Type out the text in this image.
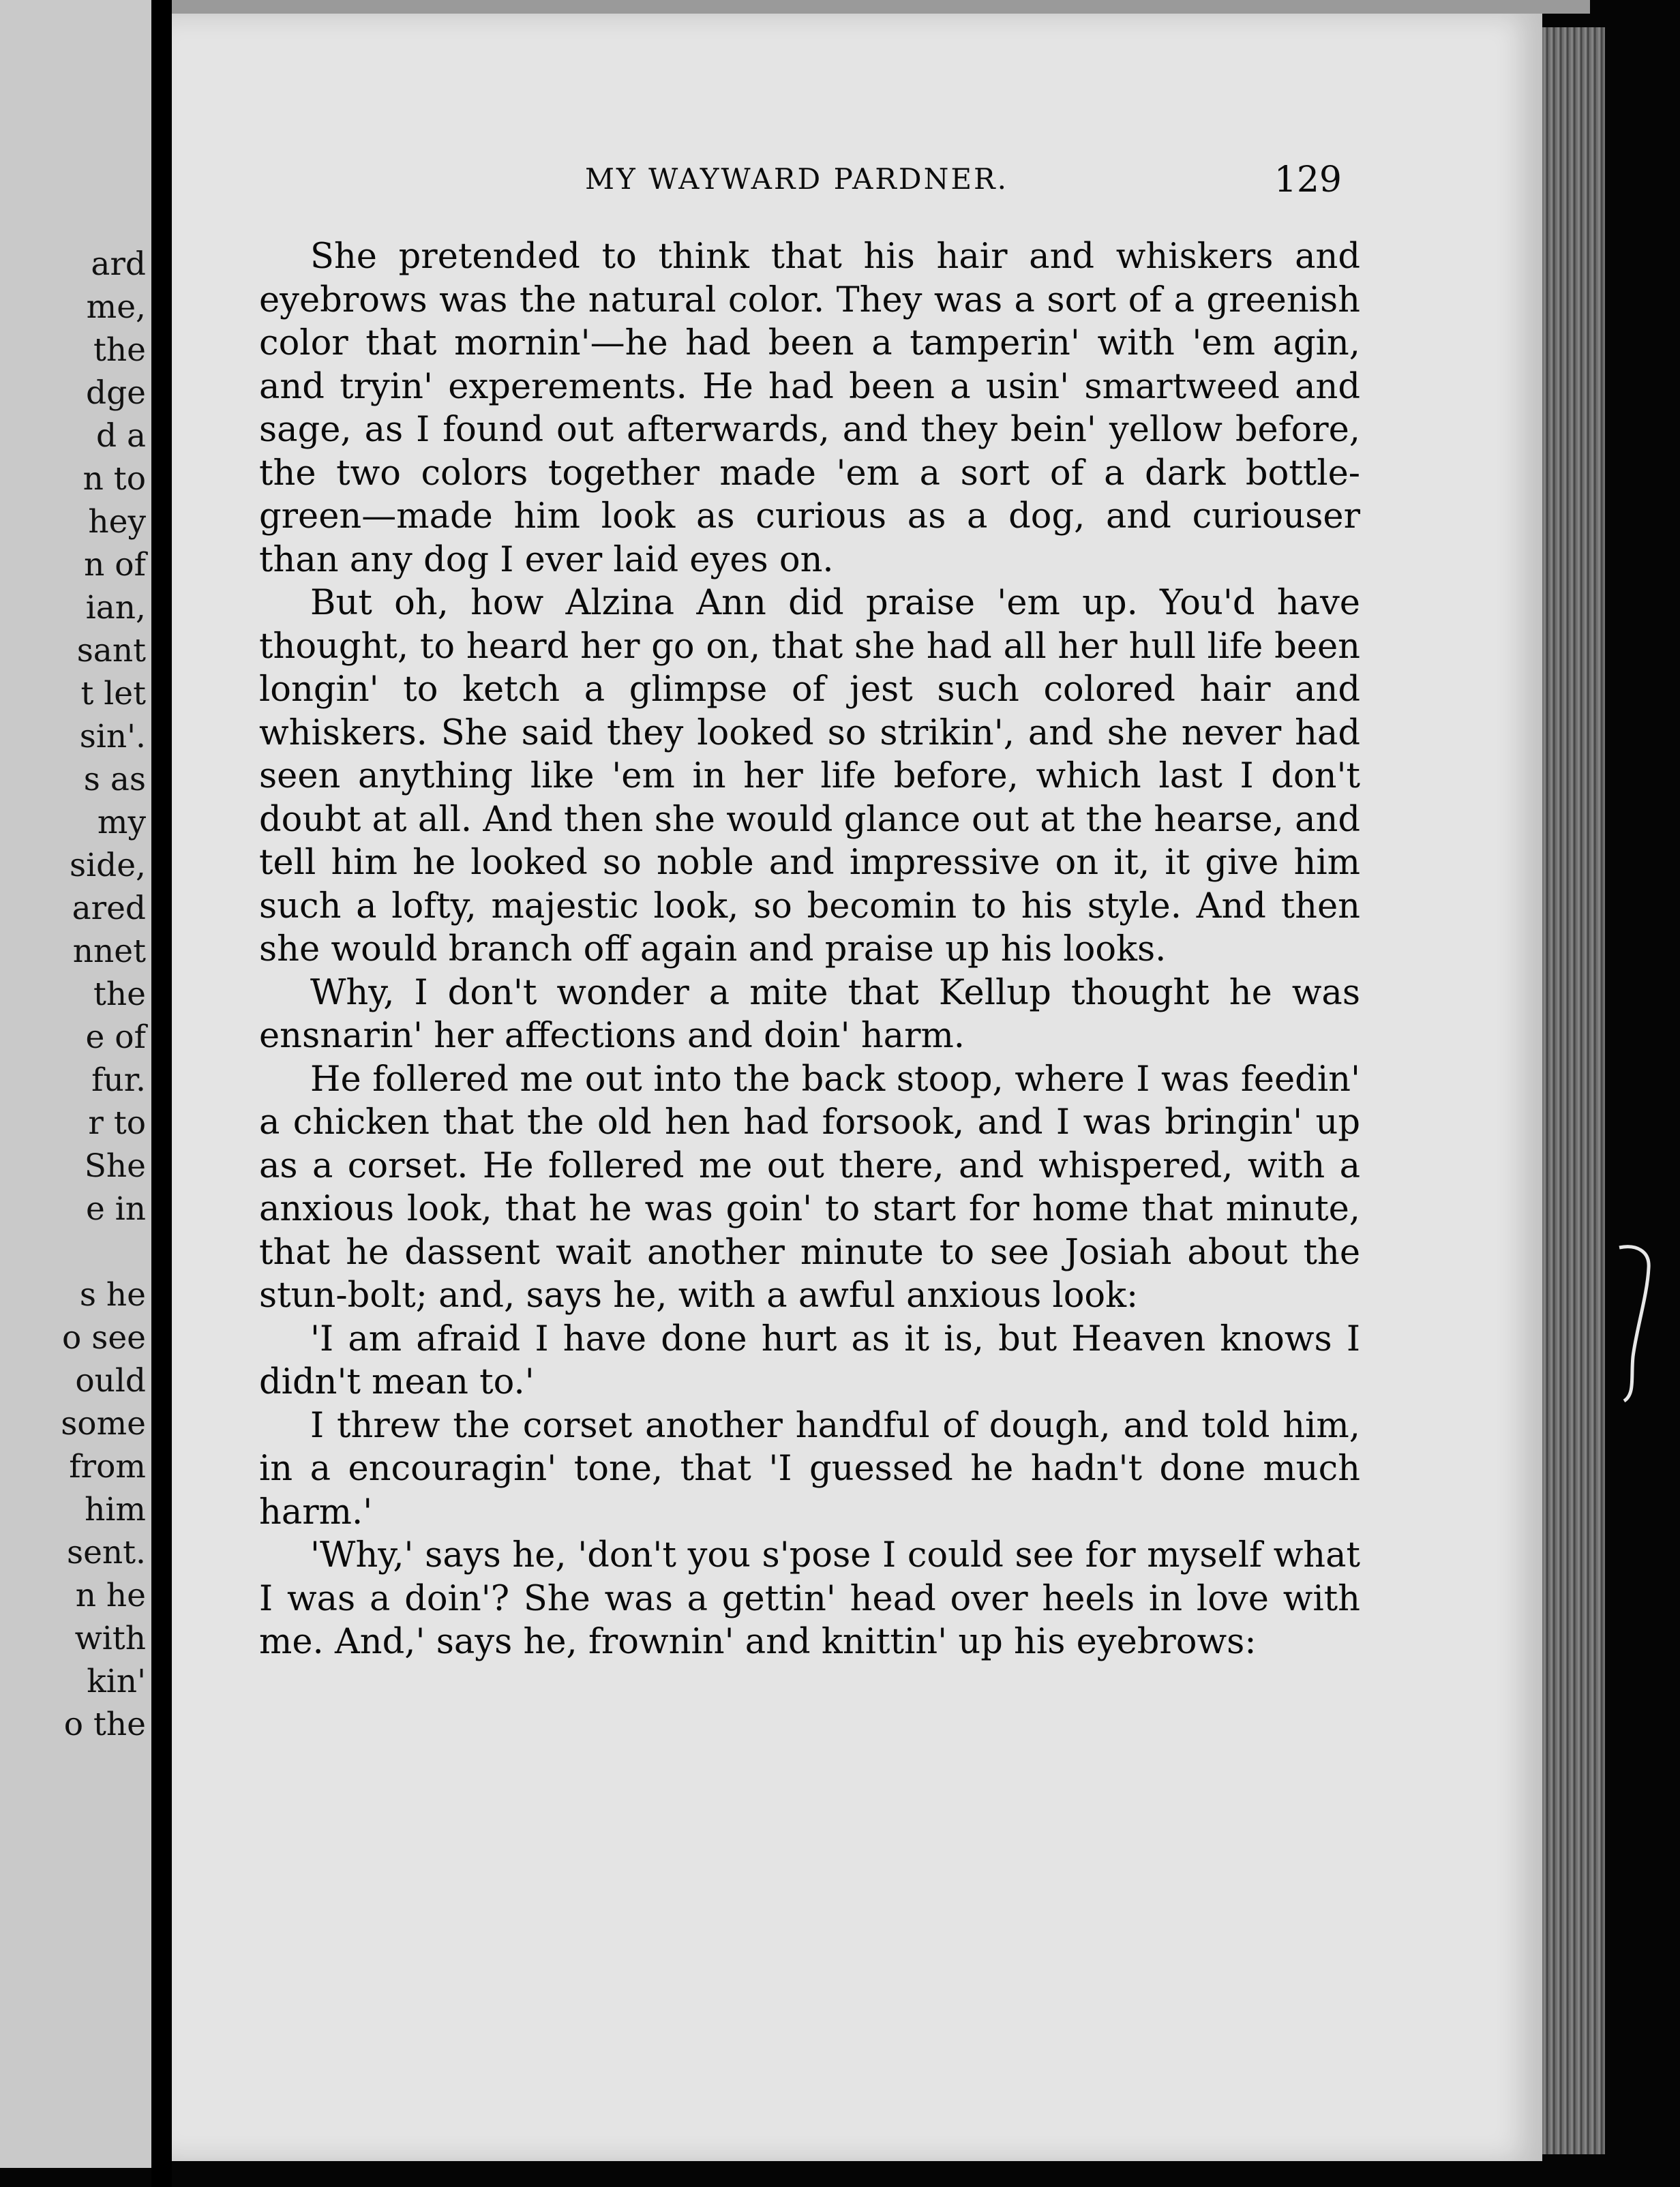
ard
me,
the
dge
d a
n to
hey
n of
ian,
sant
t let
sin'.
s as
my
side,
ared
nnet
the
e of
fur.
r to
She
e in
s he
o see
ould
some
from
him
sent.
n he
with
kin'
o the
MY WAYWARD PARDNER.	129

She pretended to think that his hair and whiskers and eyebrows was the natural color. They was a sort of a greenish color that mornin'—he had been a tamperin' with 'em agin, and tryin' experements. He had been a usin' smartweed and sage, as I found out afterwards, and they bein' yellow before, the two colors together made 'em a sort of a dark bottle-green—made him look as curious as a dog, and curiouser than any dog I ever laid eyes on.

But oh, how Alzina Ann did praise 'em up. You'd have thought, to heard her go on, that she had all her hull life been longin' to ketch a glimpse of jest such colored hair and whiskers. She said they looked so strikin', and she never had seen anything like 'em in her life before, which last I don't doubt at all. And then she would glance out at the hearse, and tell him he looked so noble and impressive on it, it give him such a lofty, majestic look, so becomin to his style. And then she would branch off again and praise up his looks.

Why, I don't wonder a mite that Kellup thought he was ensnarin' her affections and doin' harm.

He follered me out into the back stoop, where I was feedin' a chicken that the old hen had forsook, and I was bringin' up as a corset. He follered me out there, and whispered, with a anxious look, that he was goin' to start for home that minute, that he dassent wait another minute to see Josiah about the stun-bolt; and, says he, with a awful anxious look:

'I am afraid I have done hurt as it is, but Heaven knows I didn't mean to.'

I threw the corset another handful of dough, and told him, in a encouragin' tone, that 'I guessed he hadn't done much harm.'

'Why,' says he, 'don't you s'pose I could see for myself what I was a doin'? She was a gettin' head over heels in love with me. And,' says he, frownin' and knittin' up his eyebrows:
